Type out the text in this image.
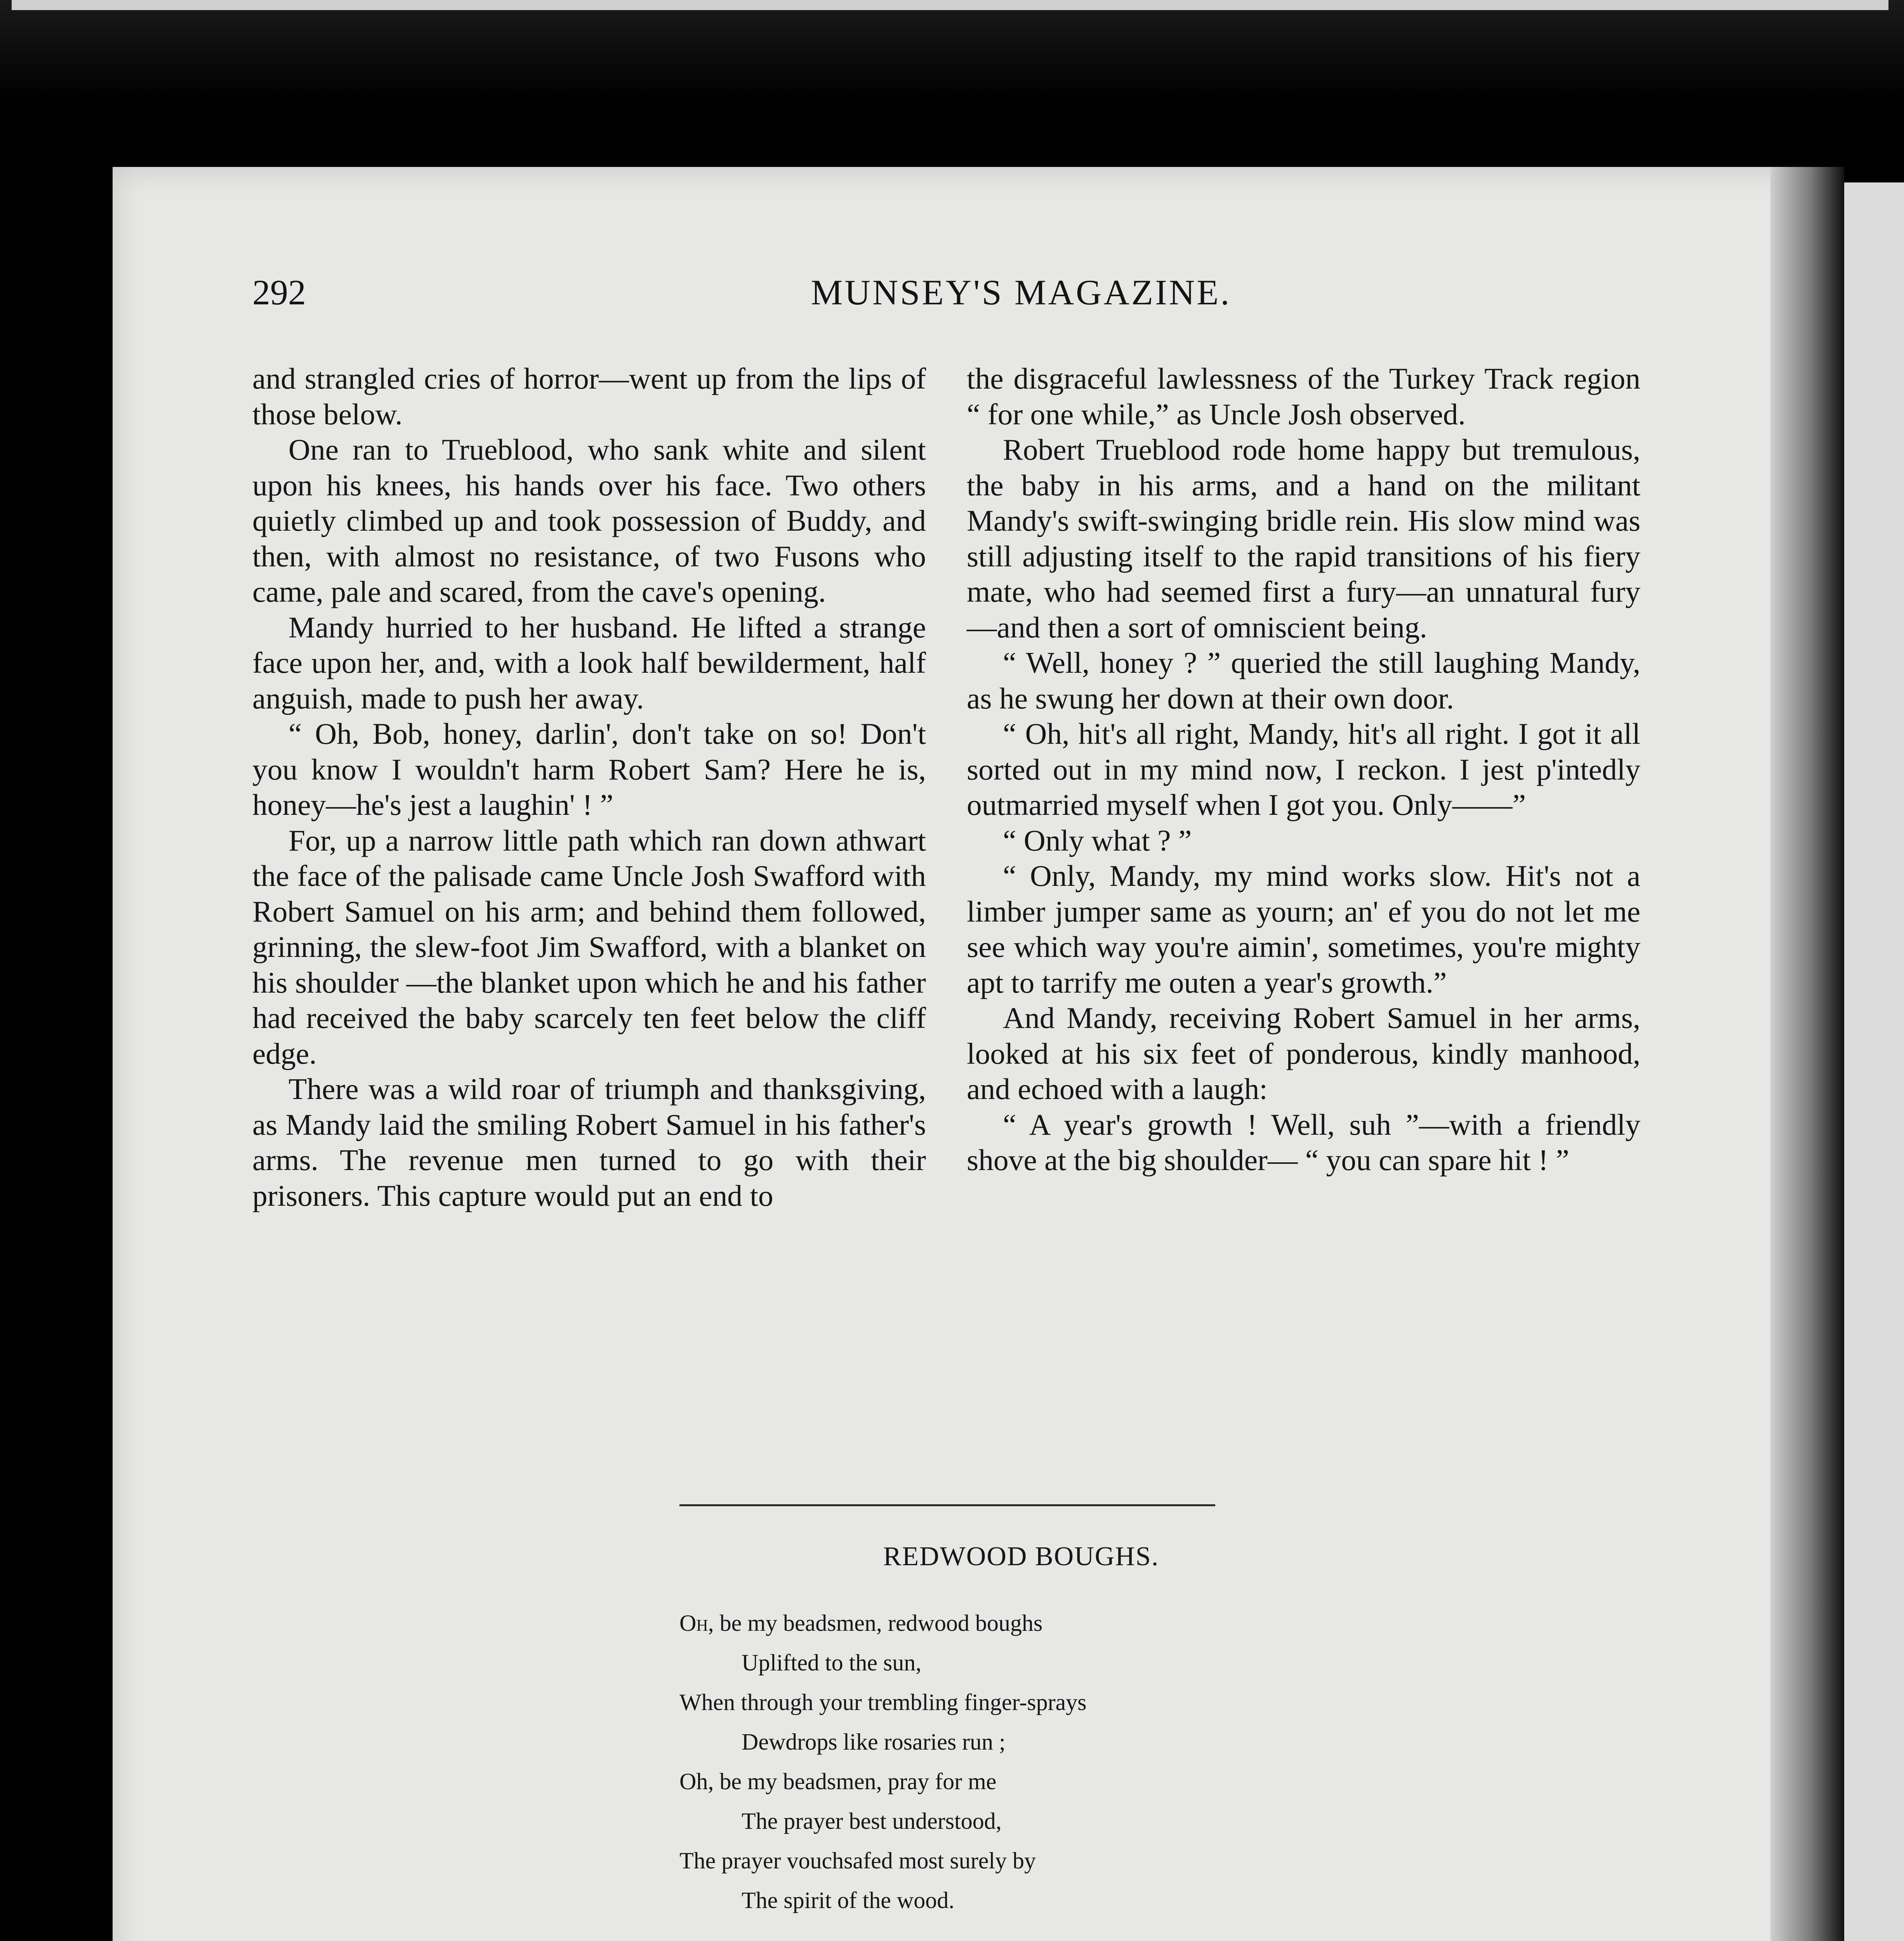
292	MUNSEY'S MAGAZINE.

and strangled cries of horror—went up from the lips of those below.

One ran to Trueblood, who sank white and silent upon his knees, his hands over his face. Two others quietly climbed up and took possession of Buddy, and then, with almost no resistance, of two Fusons who came, pale and scared, from the cave's opening.

Mandy hurried to her husband. He lifted a strange face upon her, and, with a look half bewilderment, half anguish, made to push her away.

“ Oh, Bob, honey, darlin', don't take on so! Don't you know I wouldn't harm Robert Sam? Here he is, honey—he's jest a laughin' ! ”

For, up a narrow little path which ran down athwart the face of the palisade came Uncle Josh Swafford with Robert Samuel on his arm; and behind them followed, grinning, the slew-foot Jim Swafford, with a blanket on his shoulder —the blanket upon which he and his father had received the baby scarcely ten feet below the cliff edge.

There was a wild roar of triumph and thanksgiving, as Mandy laid the smiling Robert Samuel in his father's arms. The revenue men turned to go with their prisoners. This capture would put an end to

the disgraceful lawlessness of the Turkey Track region “ for one while,” as Uncle Josh observed.

Robert Trueblood rode home happy but tremulous, the baby in his arms, and a hand on the militant Mandy's swift-swinging bridle rein. His slow mind was still adjusting itself to the rapid transitions of his fiery mate, who had seemed first a fury—an unnatural fury—and then a sort of omniscient being.

“ Well, honey ? ” queried the still laughing Mandy, as he swung her down at their own door.

“ Oh, hit's all right, Mandy, hit's all right. I got it all sorted out in my mind now, I reckon. I jest p'intedly outmarried myself when I got you. Only——”

“ Only what ? ”

“ Only, Mandy, my mind works slow. Hit's not a limber jumper same as yourn; an' ef you do not let me see which way you're aimin', sometimes, you're mighty apt to tarrify me outen a year's growth.”

And Mandy, receiving Robert Samuel in her arms, looked at his six feet of ponderous, kindly manhood, and echoed with a laugh:

“ A year's growth ! Well, suh ”—with a friendly shove at the big shoulder— “ you can spare hit ! ”

REDWOOD BOUGHS.
Oh, be my beadsmen, redwood boughs
Uplifted to the sun,
When through your trembling finger-sprays
Dewdrops like rosaries run ;
Oh, be my beadsmen, pray for me
The prayer best understood,
The prayer vouchsafed most surely by
The spirit of the wood.
